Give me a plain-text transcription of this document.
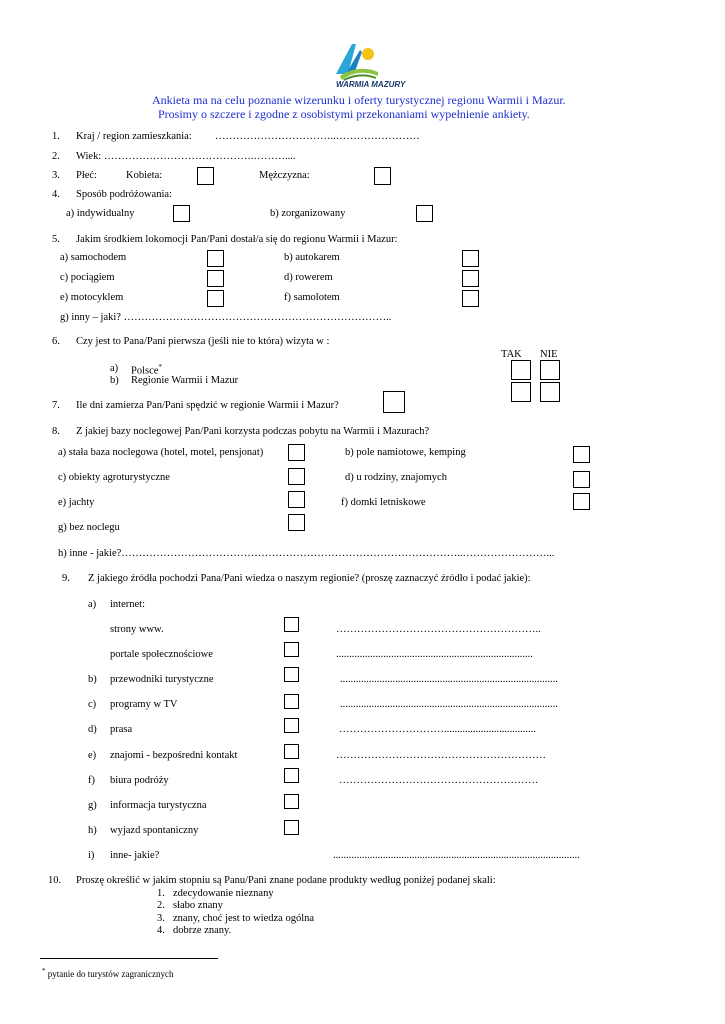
WARMIA MAZURY
Ankieta ma na celu poznanie wizerunku i oferty turystycznej regionu Warmii i Mazur.
Prosimy o szczere i zgodne z osobistymi przekonaniami wypełnienie ankiety.
1. Kraj / region zamieszkania: ……………………………..……………………
2. Wiek: …………………………………….………....
3. Płeć:	Kobieta:	Mężczyzna:
4. Sposób podróżowania:
a) indywidualny	b) zorganizowany
5. Jakim środkiem lokomocji Pan/Pani dostał/a się do regionu Warmii i Mazur:
a) samochodem	b) autokarem
c) pociągiem	d) rowerem
e) motocyklem	f) samolotem
g) inny – jaki? …………………………………………………………………..
6. Czy jest to Pana/Pani pierwsza (jeśli nie to która) wizyta w :
TAK NIE
a) Polsce*
b) Regionie Warmii i Mazur
7. Ile dni zamierza Pan/Pani spędzić w regionie Warmii i Mazur?
8. Z jakiej bazy noclegowej Pan/Pani korzysta podczas pobytu na Warmii i Mazurach?
a) stała baza noclegowa (hotel, motel, pensjonat)	b) pole namiotowe, kemping
c) obiekty agroturystyczne	d) u rodziny, znajomych
e) jachty	f) domki letniskowe
g) bez noclegu
h) inne - jakie?……………………………………………………………………………………..……………………...
9. Z jakiego źródła pochodzi Pana/Pani wiedza o naszym regionie? (proszę zaznaczyć źródło i podać jakie):
a) internet:
strony www.	…………………………………………………..
portale społecznościowe	...........................................................................
b) przewodniki turystyczne	...................................................................................
c) programy w TV	...................................................................................
d) prasa	…………………………...................................
e) znajomi - bezpośredni kontakt	……………………………………………………
f) biura podróży	…………………………………………………
g) informacja turystyczna
h) wyjazd spontaniczny
i) inne- jakie?	..............................................................................................
10. Proszę określić w jakim stopniu są Panu/Pani znane podane produkty według poniżej podanej skali:
1. zdecydowanie nieznany
2. słabo znany
3. znany, choć jest to wiedza ogólna
4. dobrze znany.
* pytanie do turystów zagranicznych
